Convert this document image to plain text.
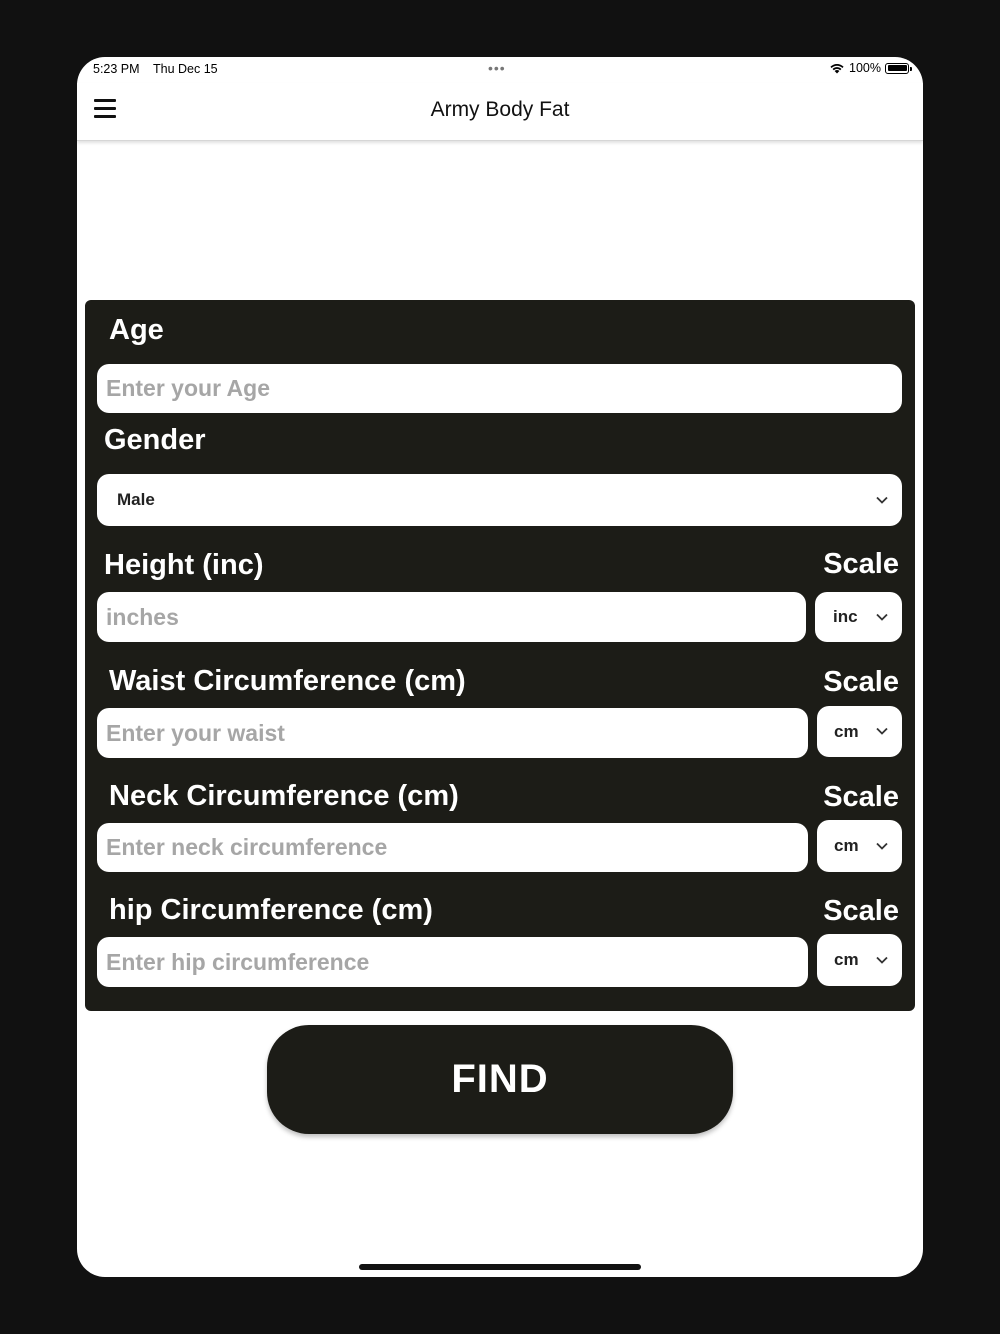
5:23 PM Thu Dec 15	•••	100%
Army Body Fat
Age
Enter your Age
Gender
Male
Height (inc)	Scale
inches	inc
Waist Circumference (cm)	Scale
Enter your waist	cm
Neck Circumference (cm)	Scale
Enter neck circumference	cm
hip Circumference (cm)	Scale
Enter hip circumference	cm
FIND
